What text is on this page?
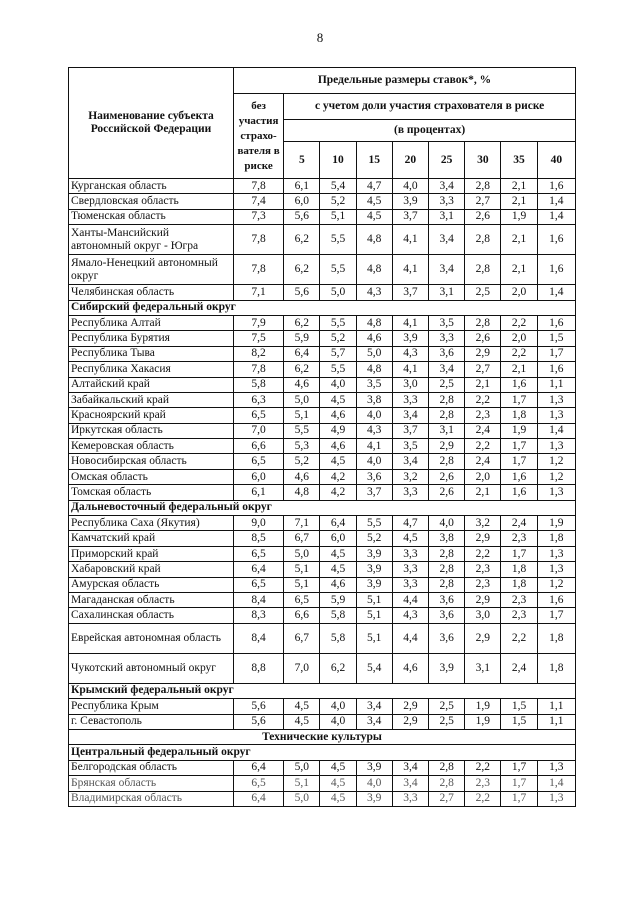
8
Наименование субъекта Российской Федерации	Предельные размеры ставок*, %								
	без участия страхо-вателя в риске	с учетом доли участия страхователя в риске							
		(в процентах)							
		5	10	15	20	25	30	35	40
Курганская область	7,8	6,1	5,4	4,7	4,0	3,4	2,8	2,1	1,6
Свердловская область	7,4	6,0	5,2	4,5	3,9	3,3	2,7	2,1	1,4
Тюменская область	7,3	5,6	5,1	4,5	3,7	3,1	2,6	1,9	1,4
Ханты-Мансийский автономный округ - Югра	7,8	6,2	5,5	4,8	4,1	3,4	2,8	2,1	1,6
Ямало-Ненецкий автономный округ	7,8	6,2	5,5	4,8	4,1	3,4	2,8	2,1	1,6
Челябинская область	7,1	5,6	5,0	4,3	3,7	3,1	2,5	2,0	1,4
Сибирский федеральный округ									
Республика Алтай	7,9	6,2	5,5	4,8	4,1	3,5	2,8	2,2	1,6
Республика Бурятия	7,5	5,9	5,2	4,6	3,9	3,3	2,6	2,0	1,5
Республика Тыва	8,2	6,4	5,7	5,0	4,3	3,6	2,9	2,2	1,7
Республика Хакасия	7,8	6,2	5,5	4,8	4,1	3,4	2,7	2,1	1,6
Алтайский край	5,8	4,6	4,0	3,5	3,0	2,5	2,1	1,6	1,1
Забайкальский край	6,3	5,0	4,5	3,8	3,3	2,8	2,2	1,7	1,3
Красноярский край	6,5	5,1	4,6	4,0	3,4	2,8	2,3	1,8	1,3
Иркутская область	7,0	5,5	4,9	4,3	3,7	3,1	2,4	1,9	1,4
Кемеровская область	6,6	5,3	4,6	4,1	3,5	2,9	2,2	1,7	1,3
Новосибирская область	6,5	5,2	4,5	4,0	3,4	2,8	2,4	1,7	1,2
Омская область	6,0	4,6	4,2	3,6	3,2	2,6	2,0	1,6	1,2
Томская область	6,1	4,8	4,2	3,7	3,3	2,6	2,1	1,6	1,3
Дальневосточный федеральный округ									
Республика Саха (Якутия)	9,0	7,1	6,4	5,5	4,7	4,0	3,2	2,4	1,9
Камчатский край	8,5	6,7	6,0	5,2	4,5	3,8	2,9	2,3	1,8
Приморский край	6,5	5,0	4,5	3,9	3,3	2,8	2,2	1,7	1,3
Хабаровский край	6,4	5,1	4,5	3,9	3,3	2,8	2,3	1,8	1,3
Амурская область	6,5	5,1	4,6	3,9	3,3	2,8	2,3	1,8	1,2
Магаданская область	8,4	6,5	5,9	5,1	4,4	3,6	2,9	2,3	1,6
Сахалинская область	8,3	6,6	5,8	5,1	4,3	3,6	3,0	2,3	1,7
Еврейская автономная область	8,4	6,7	5,8	5,1	4,4	3,6	2,9	2,2	1,8
Чукотский автономный округ	8,8	7,0	6,2	5,4	4,6	3,9	3,1	2,4	1,8
Крымский федеральный округ									
Республика Крым	5,6	4,5	4,0	3,4	2,9	2,5	1,9	1,5	1,1
г. Севастополь	5,6	4,5	4,0	3,4	2,9	2,5	1,9	1,5	1,1
Технические культуры									
Центральный федеральный округ									
Белгородская область	6,4	5,0	4,5	3,9	3,4	2,8	2,2	1,7	1,3
Брянская область	6,5	5,1	4,5	4,0	3,4	2,8	2,3	1,7	1,4
Владимирская область	6,4	5,0	4,5	3,9	3,3	2,7	2,2	1,7	1,3
